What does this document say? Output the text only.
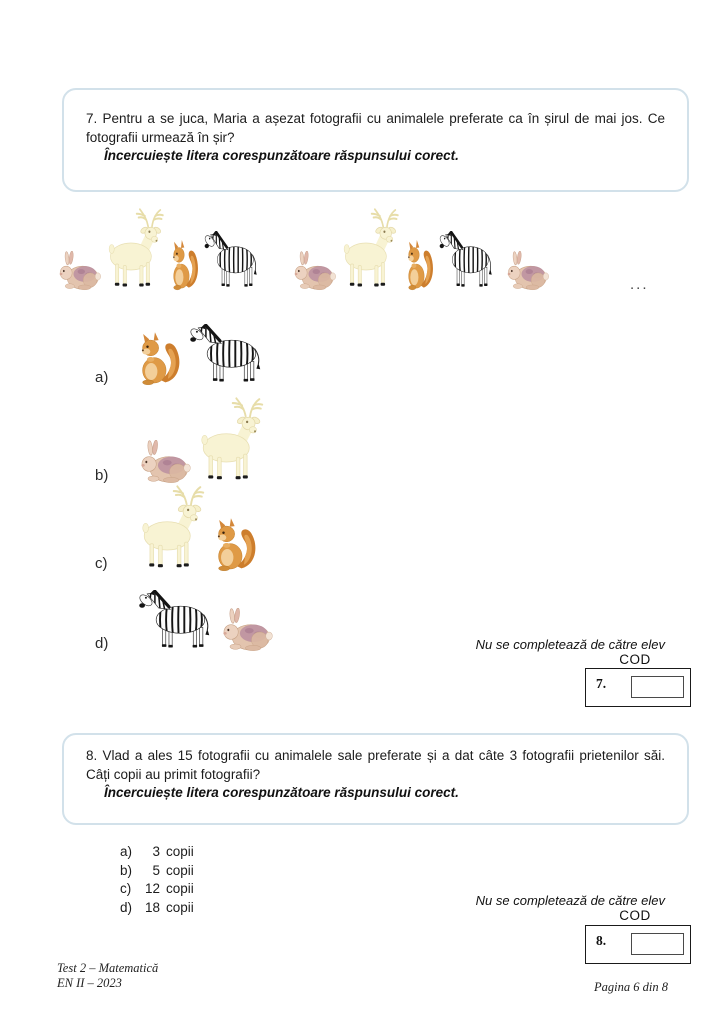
7. Pentru a se juca, Maria a așezat fotografii cu animalele preferate ca în șirul de mai jos. Ce fotografii urmează în șir?

Încercuiește litera corespunzătoare răspunsului corect.

...
a)
b)
c)
d)	Nu se completează de către elev
COD
7.

8. Vlad a ales 15 fotografii cu animalele sale preferate și a dat câte 3 fotografii prietenilor săi. Câți copii au primit fotografii?

Încercuiește litera corespunzătoare răspunsului corect.

a)	3 copii
b)	5 copii
c)	12 copii
d) 18 copii	Nu se completează de către elev
COD
8.
Test 2 – Matematică
EN II – 2023	Pagina 6 din 8
